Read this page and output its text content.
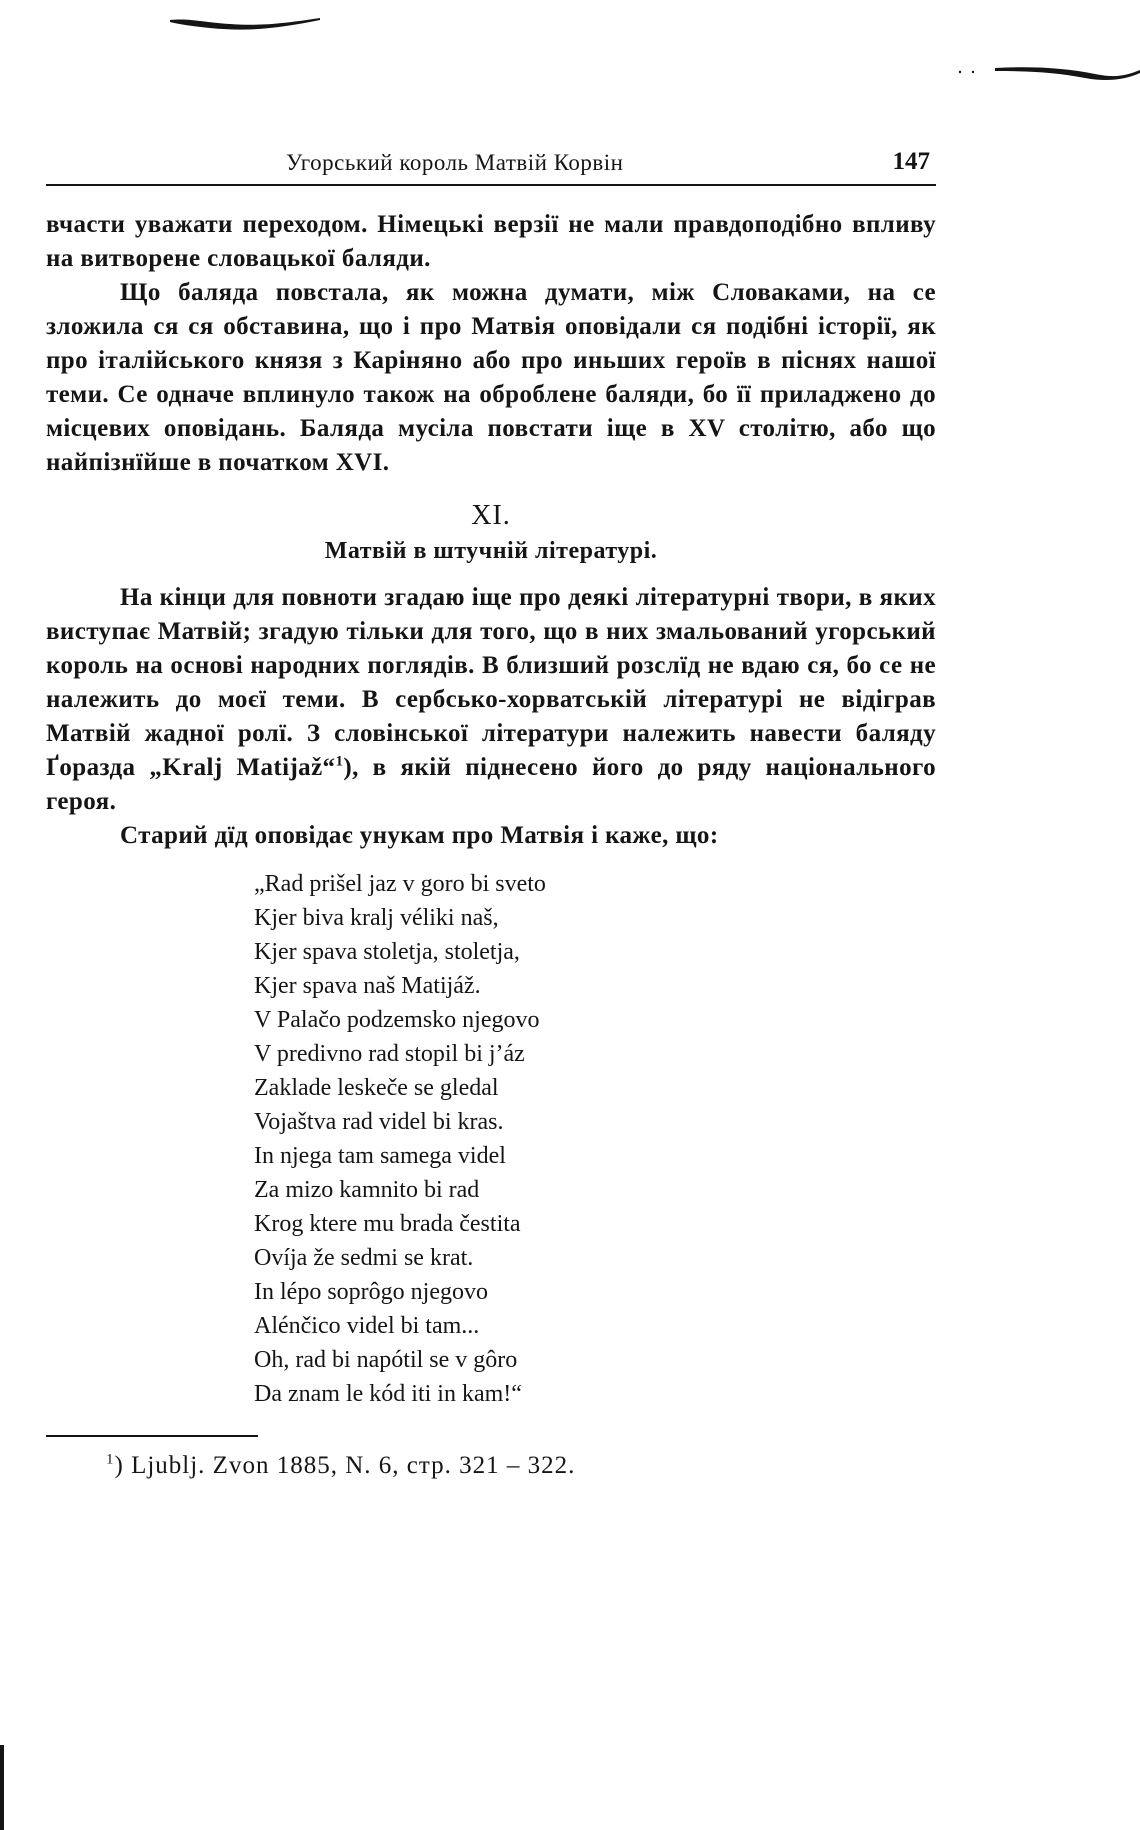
Угорський король Матвій Корвін	147

вчасти уважати переходом. Німецькі верзії не мали правдоподібно впливу на витворене словацької баляди.

Що баляда повстала, як можна думати, між Словаками, на се зложила ся ся обставина, що і про Матвія оповідали ся подібні історії, як про італійського князя з Каріняно або про иньших героїв в піснях нашої теми. Се одначе вплинуло також на оброблене баляди, бо її приладжено до місцевих оповідань. Баляда мусіла повстати іще в XV столітю, або що найпізнїйше в початком XVI.

XI.
Матвій в штучній літературі.

На кінци для повноти згадаю іще про деякі літературні твори, в яких виступає Матвій; згадую тільки для того, що в них змальований угорський король на основі народних поглядів. В близший розслїд не вдаю ся, бо се не належить до моєї теми. В сербсько-хорватській літературі не відіграв Матвій жадної ролї. З словінської літератури належить навести баляду Ґоразда „Kralj Matijaž“$^1$), в якій піднесено його до ряду національного героя.

Старий дїд оповідає унукам про Матвія і каже, що:

„Rad prišel jaz v goro bi sveto
Kjer biva kralj véliki naš,
Kjer spava stoletja, stoletja,
Kjer spava naš Matijáž.
V Palačo podzemsko njegovo
V predivno rad stopil bi j’áz
Zaklade leskeče se gledal
Vojaštva rad videl bi kras.
In njega tam samega videl
Za mizo kamnito bi rad
Krog ktere mu brada čestita
Ovíja že sedmi se krat.
In lépo soprôgo njegovo
Alénčico videl bi tam...
Oh, rad bi napótil se v gôro
Da znam le kód iti in kam!“
$^1$) Ljublj. Zvon 1885, N. 6, стр. 321 – 322.
